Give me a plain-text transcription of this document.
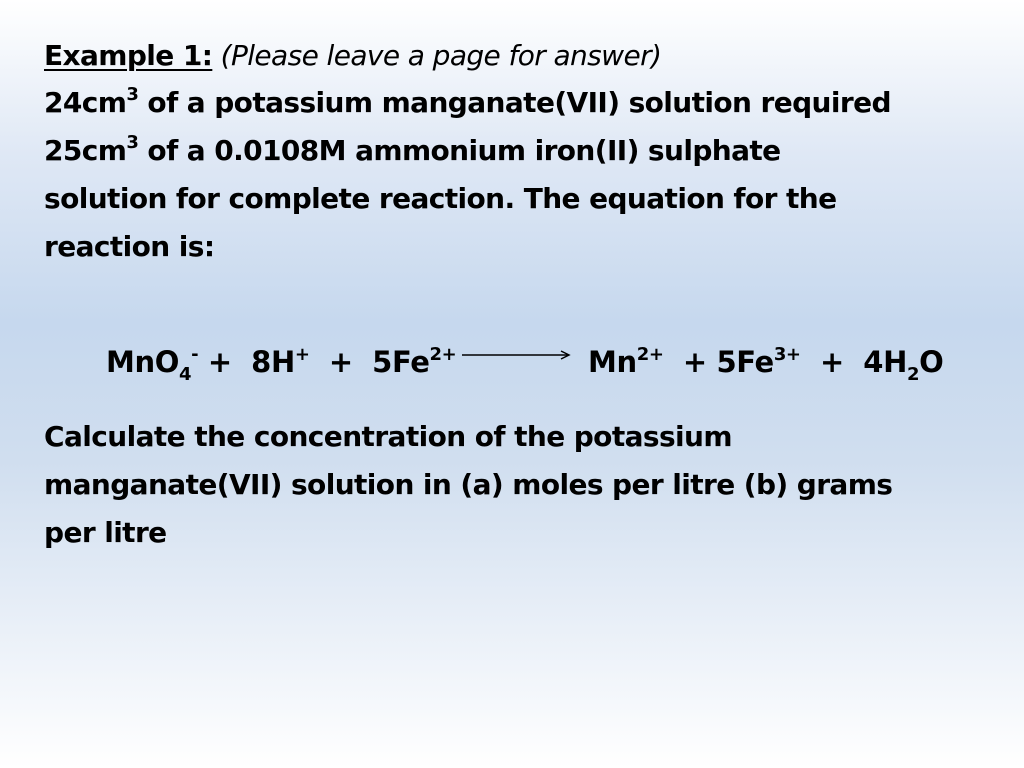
Example 1: (Please leave a page for answer)
$24cm^3$ of a potassium manganate(VII) solution required
$25cm^3$ of a 0.0108M ammonium iron(II) sulphate
solution for complete reaction. The equation for the
reaction is:
$MnO_4^- + 8H^+ + 5Fe^{2+}$	$Mn^{2+} + 5Fe^{3+} + 4H_2O$
Calculate the concentration of the potassium
manganate(VII) solution in (a) moles per litre (b) grams
per litre
